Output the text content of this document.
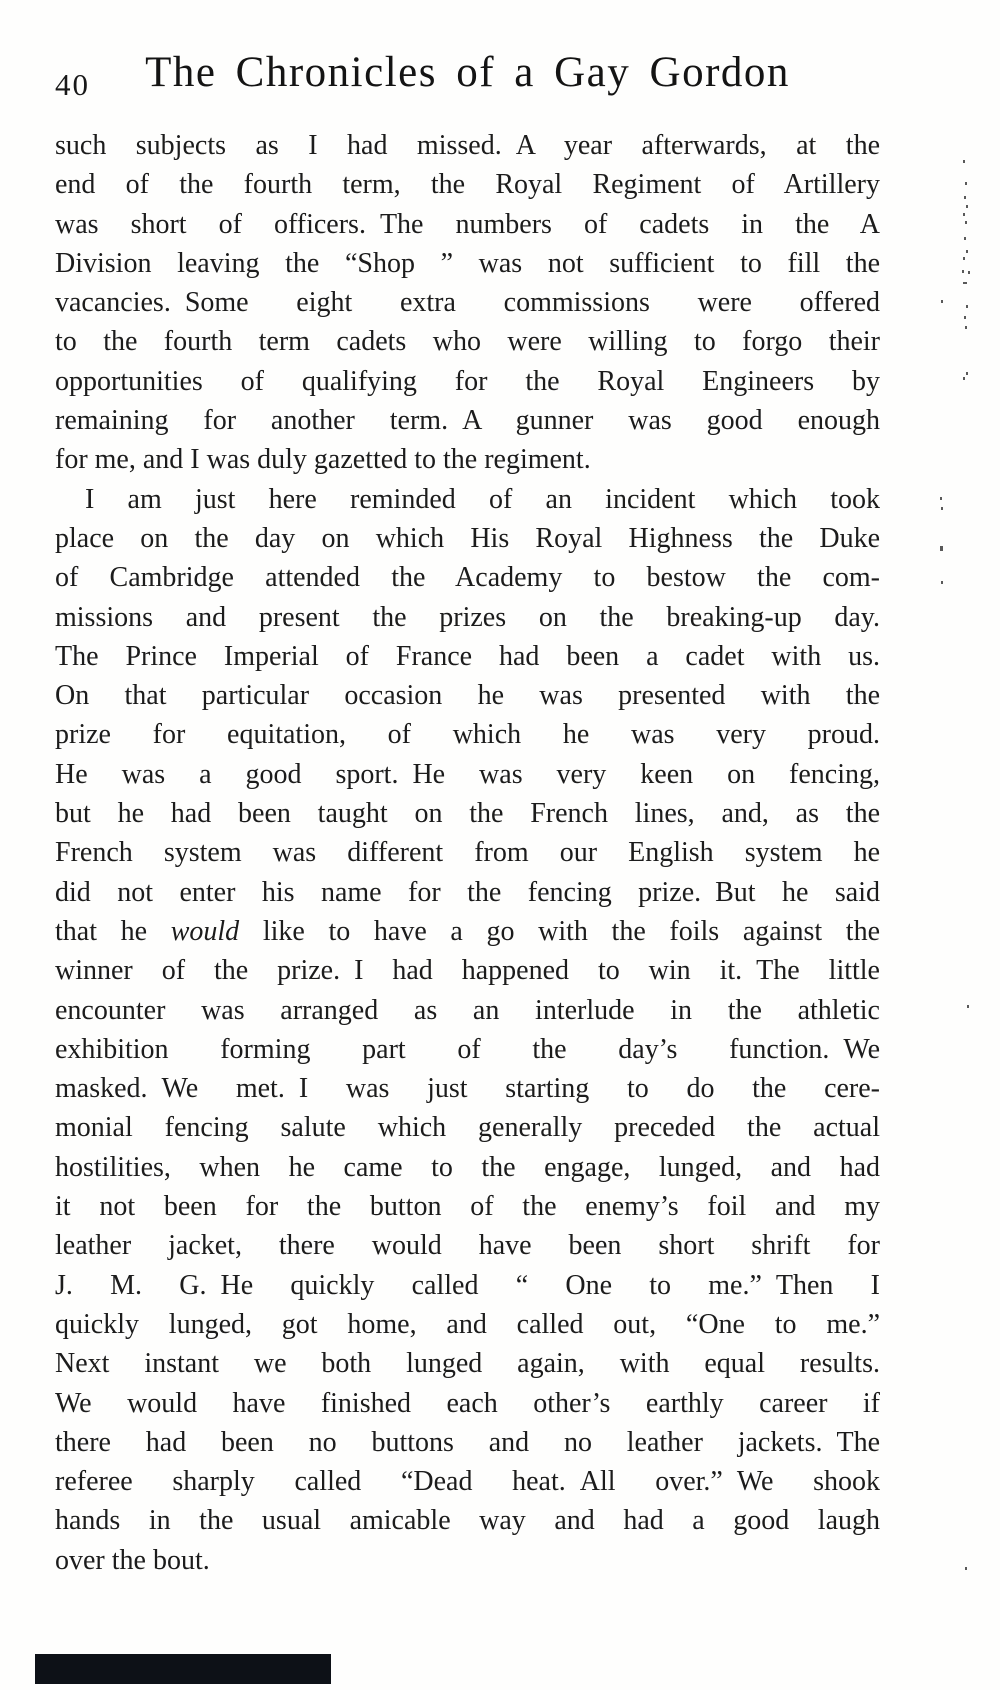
40	The Chronicles of a Gay Gordon
such subjects as I had missed. A year afterwards, at the
end of the fourth term, the Royal Regiment of Artillery
was short of officers. The numbers of cadets in the A
Division leaving the “Shop ” was not sufficient to fill the
vacancies. Some eight extra commissions were offered
to the fourth term cadets who were willing to forgo their
opportunities of qualifying for the Royal Engineers by
remaining for another term. A gunner was good enough
for me, and I was duly gazetted to the regiment.
I am just here reminded of an incident which took
place on the day on which His Royal Highness the Duke
of Cambridge attended the Academy to bestow the com-
missions and present the prizes on the breaking-up day.
The Prince Imperial of France had been a cadet with us.
On that particular occasion he was presented with the
prize for equitation, of which he was very proud.
He was a good sport. He was very keen on fencing,
but he had been taught on the French lines, and, as the
French system was different from our English system he
did not enter his name for the fencing prize. But he said
that he would like to have a go with the foils against the
winner of the prize. I had happened to win it. The little
encounter was arranged as an interlude in the athletic
exhibition forming part of the day’s function. We
masked. We met. I was just starting to do the cere-
monial fencing salute which generally preceded the actual
hostilities, when he came to the engage, lunged, and had
it not been for the button of the enemy’s foil and my
leather jacket, there would have been short shrift for
J. M. G. He quickly called “ One to me.” Then I
quickly lunged, got home, and called out, “One to me.”
Next instant we both lunged again, with equal results.
We would have finished each other’s earthly career if
there had been no buttons and no leather jackets. The
referee sharply called “Dead heat. All over.” We shook
hands in the usual amicable way and had a good laugh
over the bout.
